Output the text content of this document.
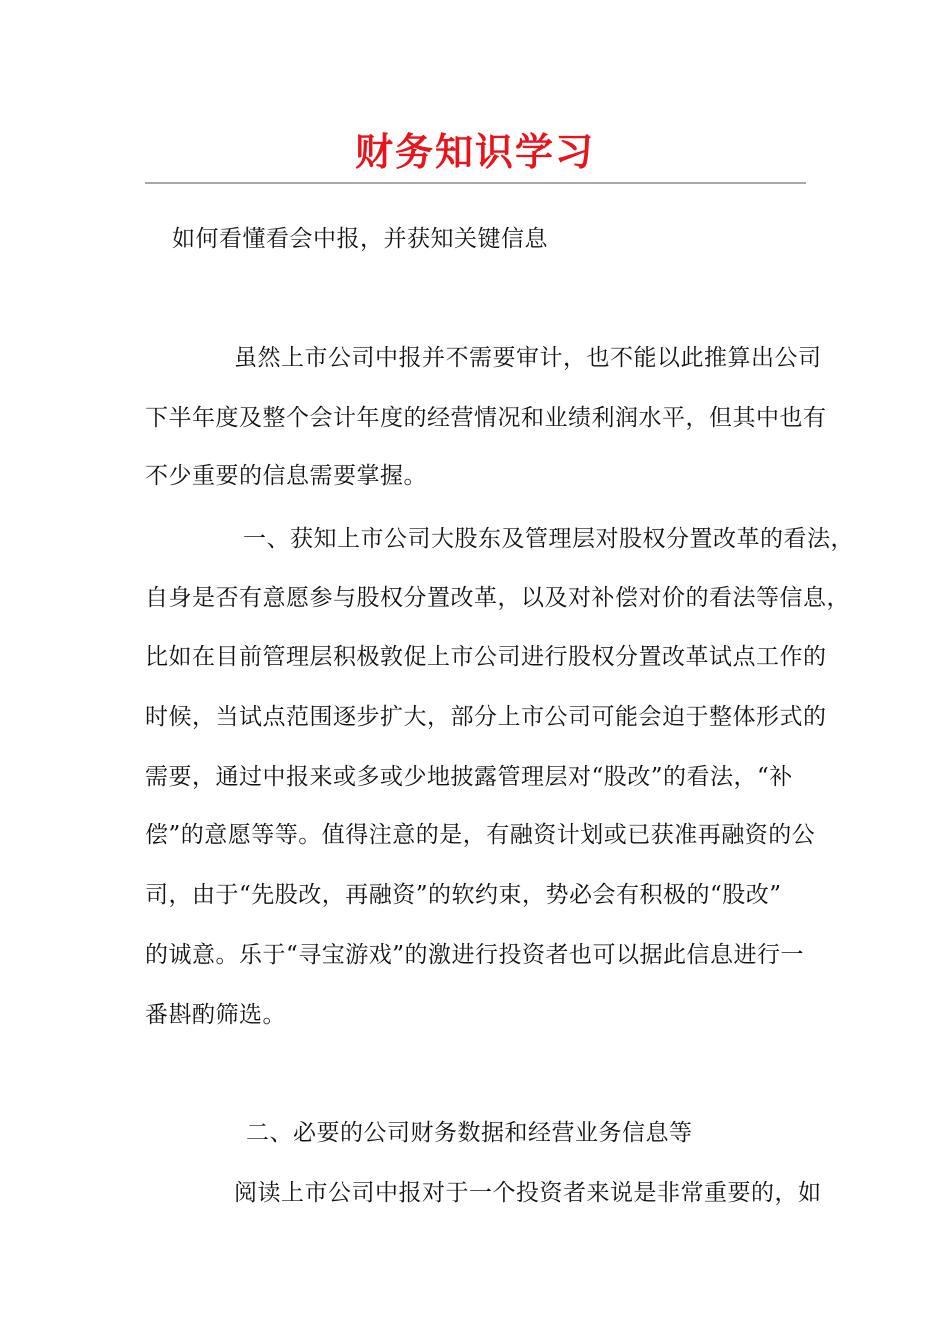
财务知识学习
如何看懂看会中报，并获知关键信息
虽然上市公司中报并不需要审计，也不能以此推算出公司
下半年度及整个会计年度的经营情况和业绩利润水平，但其中也有
不少重要的信息需要掌握。
一、获知上市公司大股东及管理层对股权分置改革的看法，
自身是否有意愿参与股权分置改革，以及对补偿对价的看法等信息，
比如在目前管理层积极敦促上市公司进行股权分置改革试点工作的
时候，当试点范围逐步扩大，部分上市公司可能会迫于整体形式的
需要，通过中报来或多或少地披露管理层对“股改”的看法，“补
偿”的意愿等等。值得注意的是，有融资计划或已获准再融资的公
司，由于“先股改，再融资”的软约束，势必会有积极的“股改”
的诚意。乐于“寻宝游戏”的激进行投资者也可以据此信息进行一
番斟酌筛选。
二、必要的公司财务数据和经营业务信息等
阅读上市公司中报对于一个投资者来说是非常重要的，如
